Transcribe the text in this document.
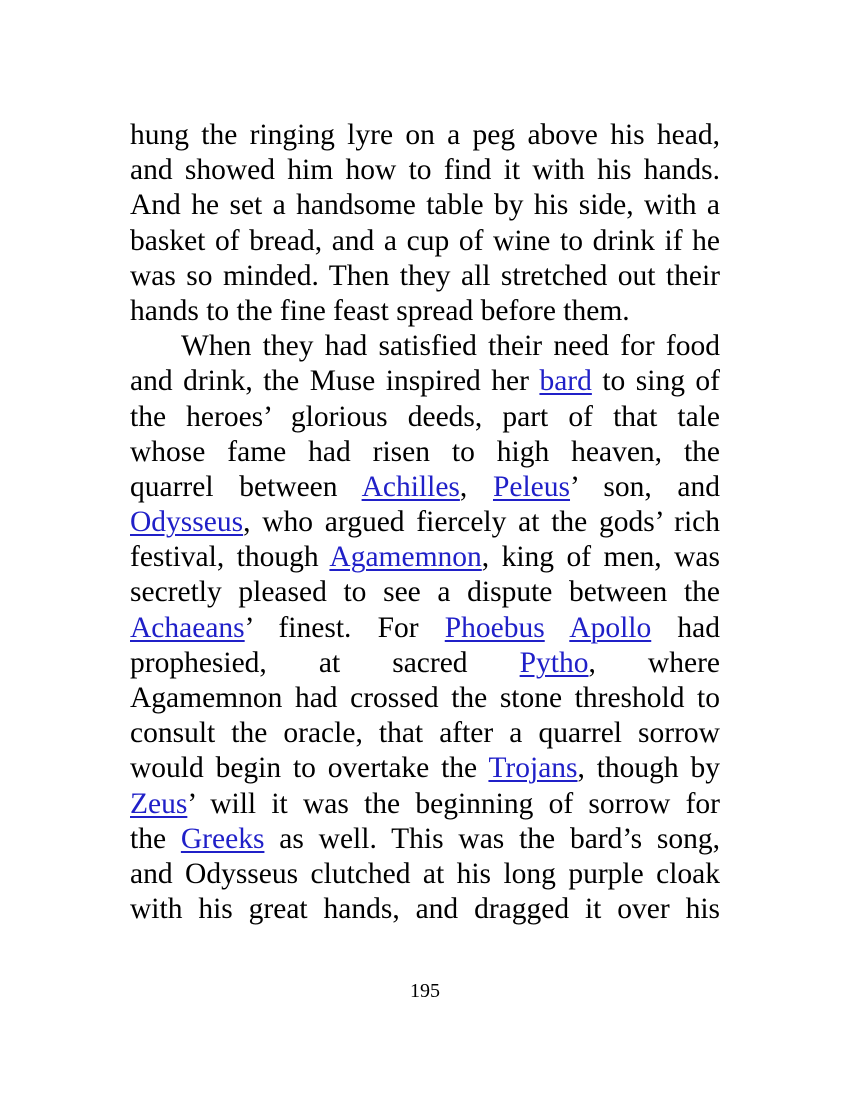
hung the ringing lyre on a peg above his head,
and showed him how to find it with his hands.
And he set a handsome table by his side, with a
basket of bread, and a cup of wine to drink if he
was so minded. Then they all stretched out their
hands to the fine feast spread before them.
When they had satisfied their need for food
and drink, the Muse inspired her bard to sing of
the heroes’ glorious deeds, part of that tale
whose fame had risen to high heaven, the
quarrel between Achilles, Peleus’ son, and
Odysseus, who argued fiercely at the gods’ rich
festival, though Agamemnon, king of men, was
secretly pleased to see a dispute between the
Achaeans’ finest. For Phoebus Apollo had
prophesied, at sacred Pytho, where
Agamemnon had crossed the stone threshold to
consult the oracle, that after a quarrel sorrow
would begin to overtake the Trojans, though by
Zeus’ will it was the beginning of sorrow for
the Greeks as well. This was the bard’s song,
and Odysseus clutched at his long purple cloak
with his great hands, and dragged it over his
195
